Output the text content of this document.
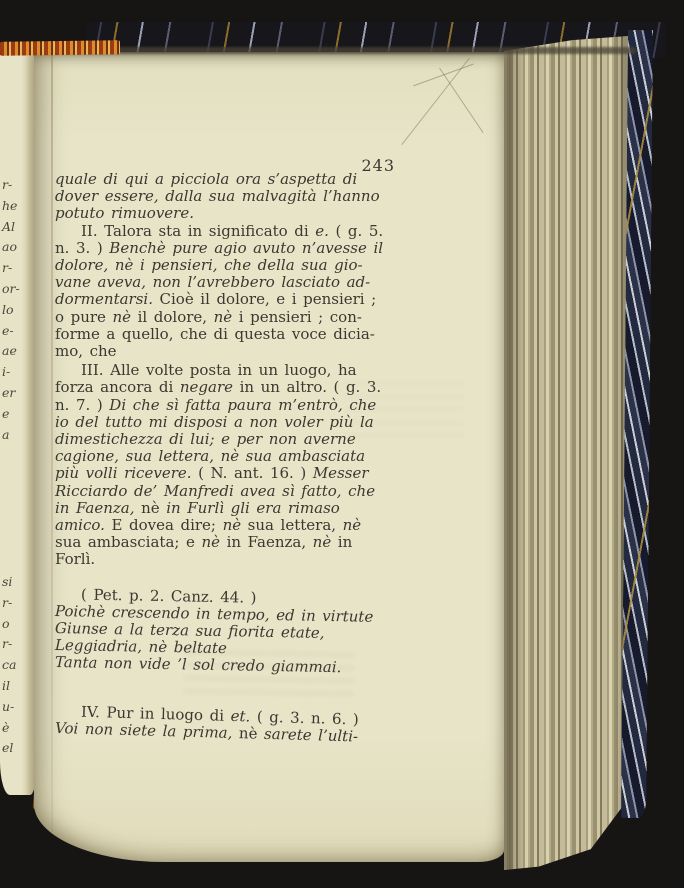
r-
he
Al
ao
r-
or-
lo
e-
ae
i-
er
e
a
si
r-
o
r-
ca
il
u-
è
el
243
quale di qui a picciola ora s’aspetta di
dover essere, dalla sua malvagità l’hanno
potuto rimuovere.
II. Talora sta in significato di e. ( g. 5.
n. 3. ) Benchè pure agio avuto n’avesse il
dolore, nè i pensieri, che della sua gio-
vane aveva, non l’avrebbero lasciato ad-
dormentarsi. Cioè il dolore, e i pensieri ;
o pure nè il dolore, nè i pensieri ; con-
forme a quello, che di questa voce dicia-
mo, che
III. Alle volte posta in un luogo, ha
forza ancora di negare in un altro. ( g. 3.
n. 7. ) Di che sì fatta paura m’entrò, che
io del tutto mi disposi a non voler più la
dimestichezza di lui; e per non averne
cagione, sua lettera, nè sua ambasciata
più volli ricevere. ( N. ant. 16. ) Messer
Ricciardo de’ Manfredi avea sì fatto, che
in Faenza, nè in Furlì gli era rimaso
amico. E dovea dire; nè sua lettera, nè
sua ambasciata; e nè in Faenza, nè in
Forlì.
( Pet. p. 2. Canz. 44. )
Poichè crescendo in tempo, ed in virtute
Giunse a la terza sua fiorita etate,
Leggiadria, nè beltate
Tanta non vide ’l sol credo giammai.
IV. Pur in luogo di et. ( g. 3. n. 6. )
Voi non siete la prima, nè sarete l’ulti-
